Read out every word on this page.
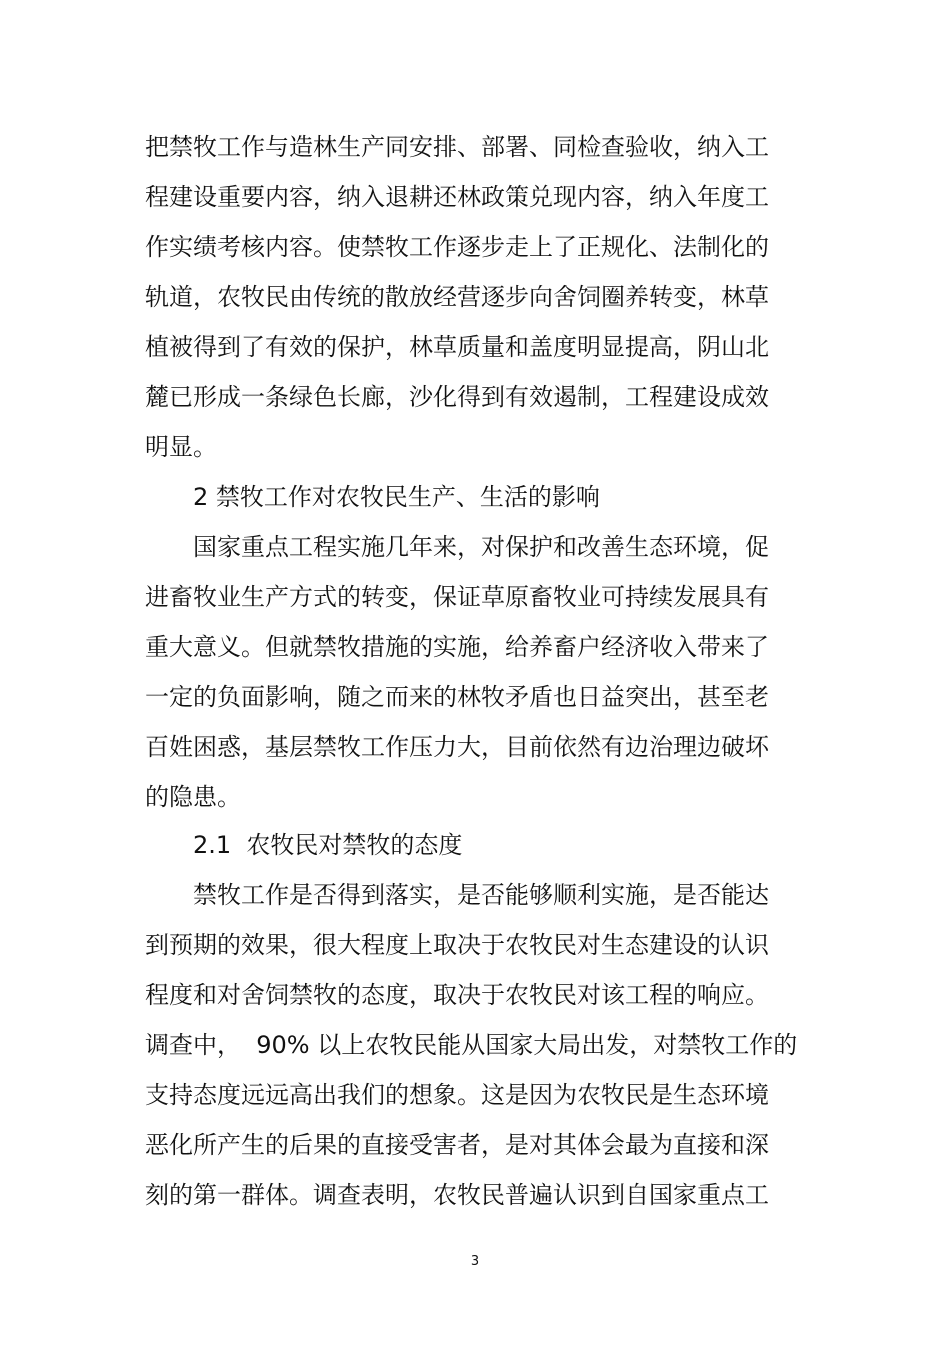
把禁牧工作与造林生产同安排、部署、同检查验收，纳入工

程建设重要内容，纳入退耕还林政策兑现内容，纳入年度工

作实绩考核内容。使禁牧工作逐步走上了正规化、法制化的

轨道，农牧民由传统的散放经营逐步向舍饲圈养转变，林草

植被得到了有效的保护，林草质量和盖度明显提高，阴山北

麓已形成一条绿色长廊，沙化得到有效遏制，工程建设成效

明显。

2 禁牧工作对农牧民生产、生活的影响

国家重点工程实施几年来，对保护和改善生态环境，促

进畜牧业生产方式的转变，保证草原畜牧业可持续发展具有

重大意义。但就禁牧措施的实施，给养畜户经济收入带来了

一定的负面影响，随之而来的林牧矛盾也日益突出，甚至老

百姓困惑，基层禁牧工作压力大，目前依然有边治理边破坏

的隐患。

2.1  农牧民对禁牧的态度

禁牧工作是否得到落实，是否能够顺利实施，是否能达

到预期的效果，很大程度上取决于农牧民对生态建设的认识

程度和对舍饲禁牧的态度，取决于农牧民对该工程的响应。

调查中，  90% 以上农牧民能从国家大局出发，对禁牧工作的

支持态度远远高出我们的想象。这是因为农牧民是生态环境

恶化所产生的后果的直接受害者，是对其体会最为直接和深

刻的第一群体。调查表明，农牧民普遍认识到自国家重点工

3
